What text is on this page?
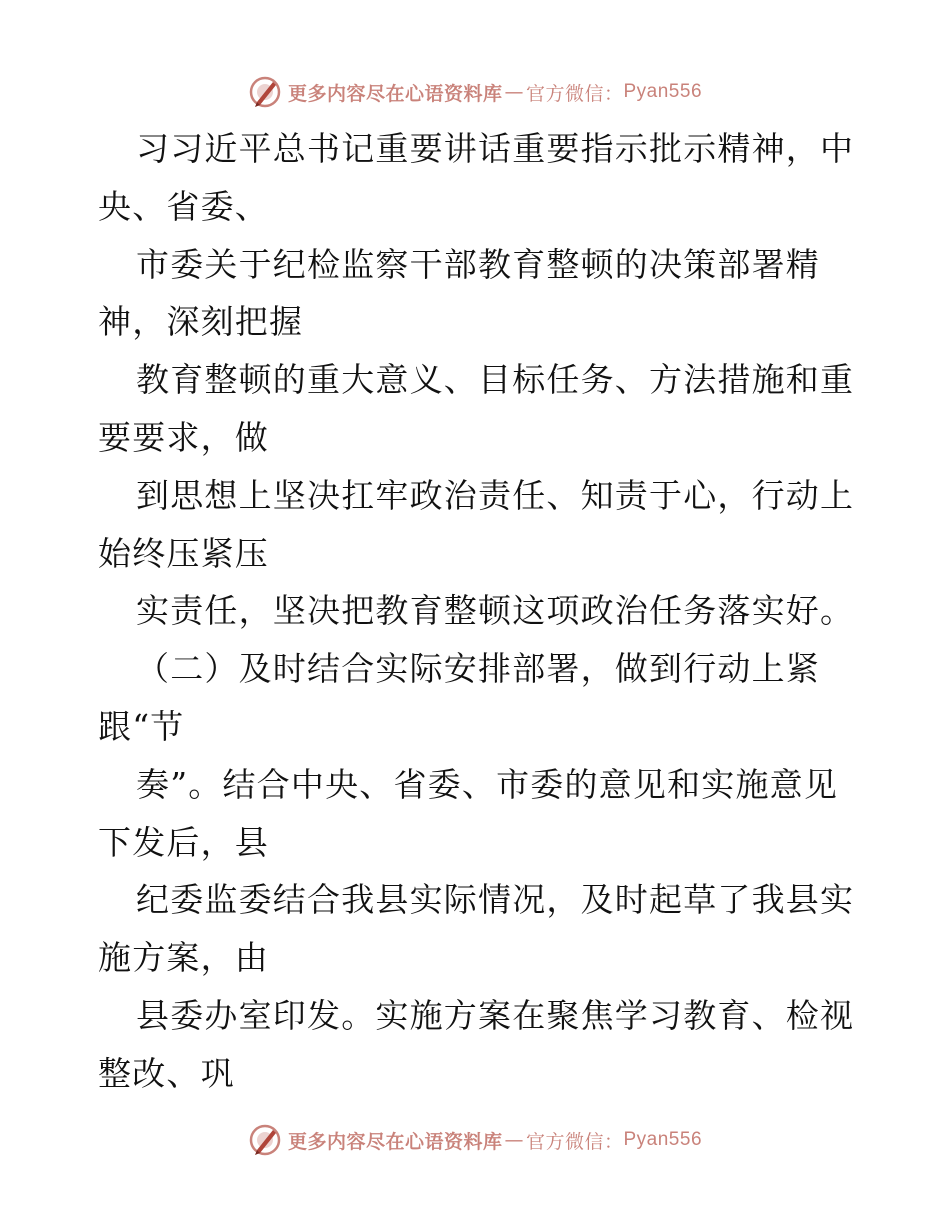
更多内容尽在心语资料库 — 官方微信： Pyan556
习习近平总书记重要讲话重要指示批示精神，中
央、省委、
市委关于纪检监察干部教育整顿的决策部署精
神，深刻把握
教育整顿的重大意义、目标任务、方法措施和重
要要求，做
到思想上坚决扛牢政治责任、知责于心，行动上
始终压紧压
实责任，坚决把教育整顿这项政治任务落实好。
（二）及时结合实际安排部署，做到行动上紧
跟“节
奏”。结合中央、省委、市委的意见和实施意见
下发后，县
纪委监委结合我县实际情况，及时起草了我县实
施方案，由
县委办室印发。实施方案在聚焦学习教育、检视
整改、巩
更多内容尽在心语资料库 — 官方微信： Pyan556
